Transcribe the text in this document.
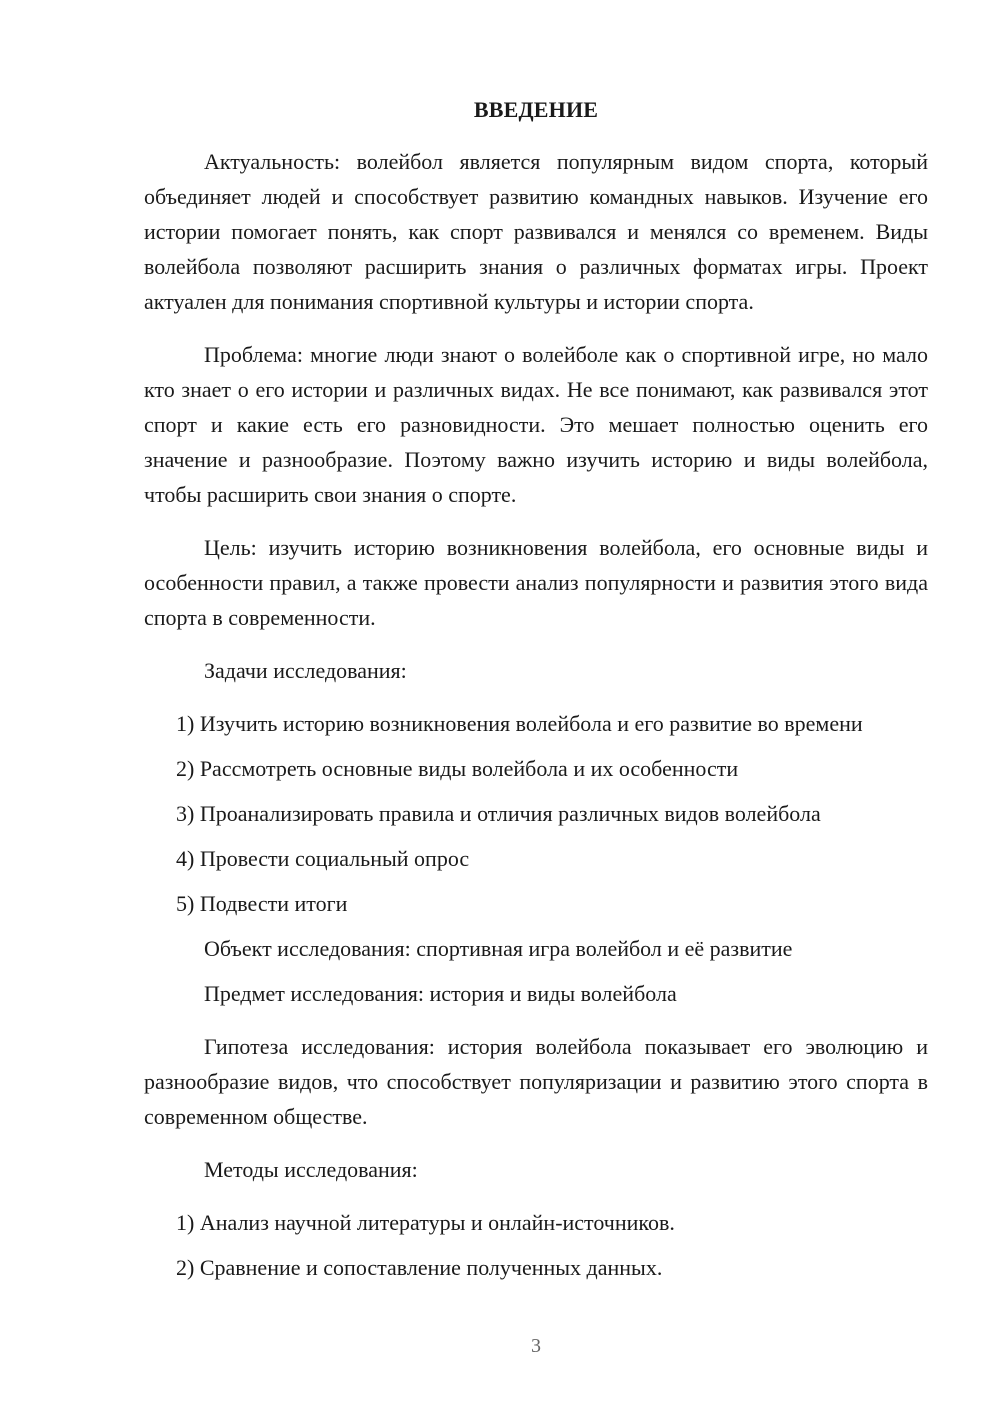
ВВЕДЕНИЕ

Актуальность: волейбол является популярным видом спорта, который объединяет людей и способствует развитию командных навыков. Изучение его истории помогает понять, как спорт развивался и менялся со временем. Виды волейбола позволяют расширить знания о различных форматах игры. Проект актуален для понимания спортивной культуры и истории спорта.

Проблема: многие люди знают о волейболе как о спортивной игре, но мало кто знает о его истории и различных видах. Не все понимают, как развивался этот спорт и какие есть его разновидности. Это мешает полностью оценить его значение и разнообразие. Поэтому важно изучить историю и виды волейбола, чтобы расширить свои знания о спорте.

Цель: изучить историю возникновения волейбола, его основные виды и особенности правил, а также провести анализ популярности и развития этого вида спорта в современности.

Задачи исследования:
1) Изучить историю возникновения волейбола и его развитие во времени
2) Рассмотреть основные виды волейбола и их особенности
3) Проанализировать правила и отличия различных видов волейбола
4) Провести социальный опрос
5) Подвести итоги
Объект исследования: спортивная игра волейбол и её развитие
Предмет исследования: история и виды волейбола

Гипотеза исследования: история волейбола показывает его эволюцию и разнообразие видов, что способствует популяризации и развитию этого спорта в современном обществе.

Методы исследования:
1) Анализ научной литературы и онлайн-источников.
2) Сравнение и сопоставление полученных данных.
3
